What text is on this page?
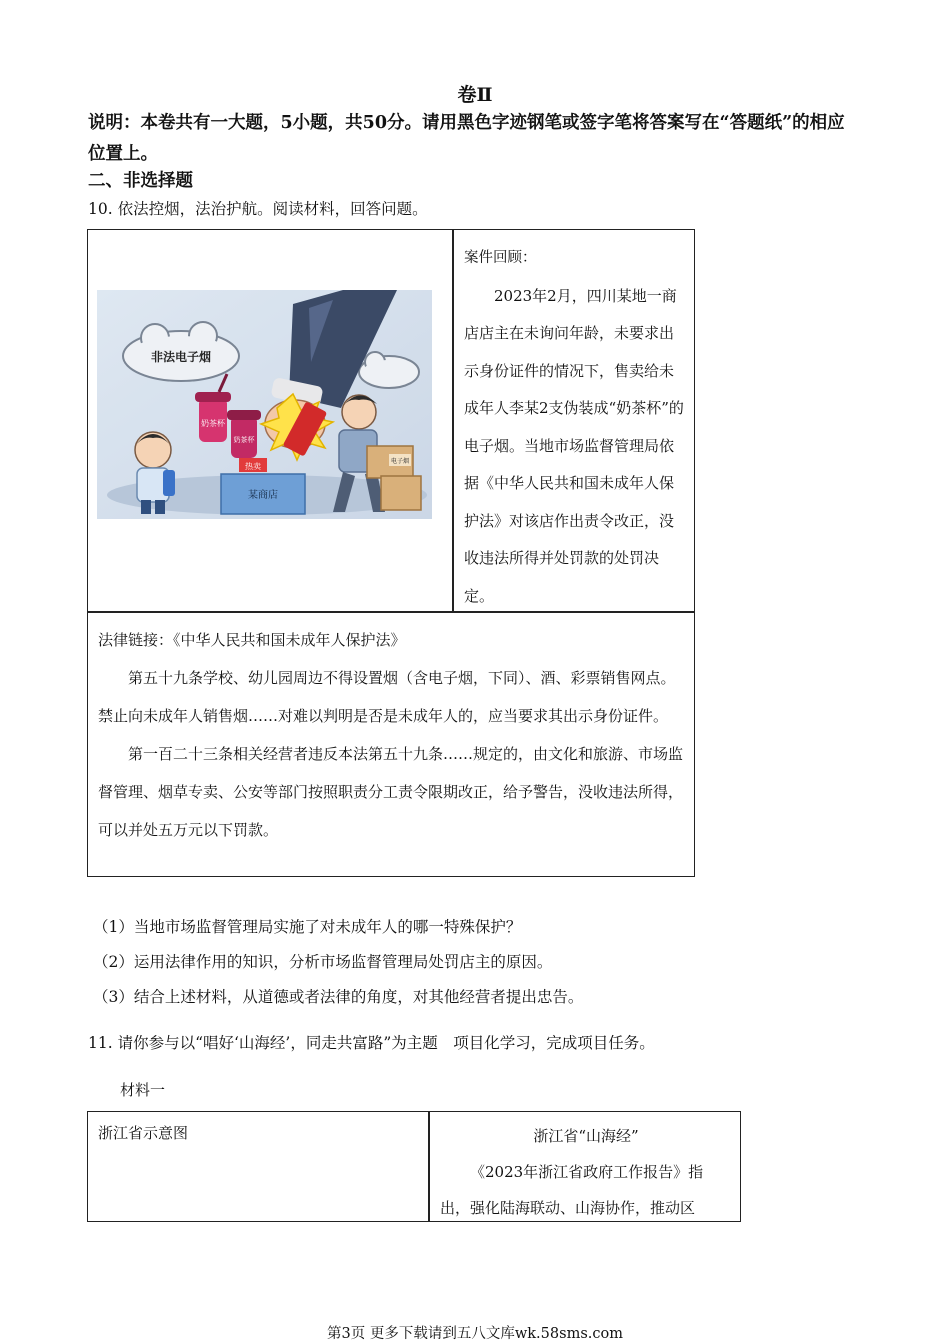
卷Ⅱ
说明：本卷共有一大题，5小题，共50分。请用黑色字迹钢笔或签字笔将答案写在“答题纸”的相应位置上。
二、非选择题
10. 依法控烟，法治护航。阅读材料，回答问题。
非法电子烟
奶茶杯
奶茶杯
热卖
某商店
电子烟
案件回顾：
2023年2月，四川某地一商店店主在未询问年龄，未要求出示身份证件的情况下，售卖给未成年人李某2支伪装成“奶茶杯”的电子烟。当地市场监督管理局依据《中华人民共和国未成年人保护法》对该店作出责令改正，没收违法所得并处罚款的处罚决定。
法律链接：《中华人民共和国未成年人保护法》
第五十九条学校、幼儿园周边不得设置烟（含电子烟，下同）、酒、彩票销售网点。禁止向未成年人销售烟……对难以判明是否是未成年人的，应当要求其出示身份证件。
第一百二十三条相关经营者违反本法第五十九条……规定的，由文化和旅游、市场监督管理、烟草专卖、公安等部门按照职责分工责令限期改正，给予警告，没收违法所得，可以并处五万元以下罚款。
（1）当地市场监督管理局实施了对未成年人的哪一特殊保护？
（2）运用法律作用的知识，分析市场监督管理局处罚店主的原因。
（3）结合上述材料，从道德或者法律的角度，对其他经营者提出忠告。
11. 请你参与以“唱好‘山海经’，同走共富路”为主题　项目化学习，完成项目任务。
材料一
浙江省示意图	浙江省“山海经”
《2023年浙江省政府工作报告》指出，强化陆海联动、山海协作，推动区
第3页 更多下载请到五八文库wk.58sms.com
